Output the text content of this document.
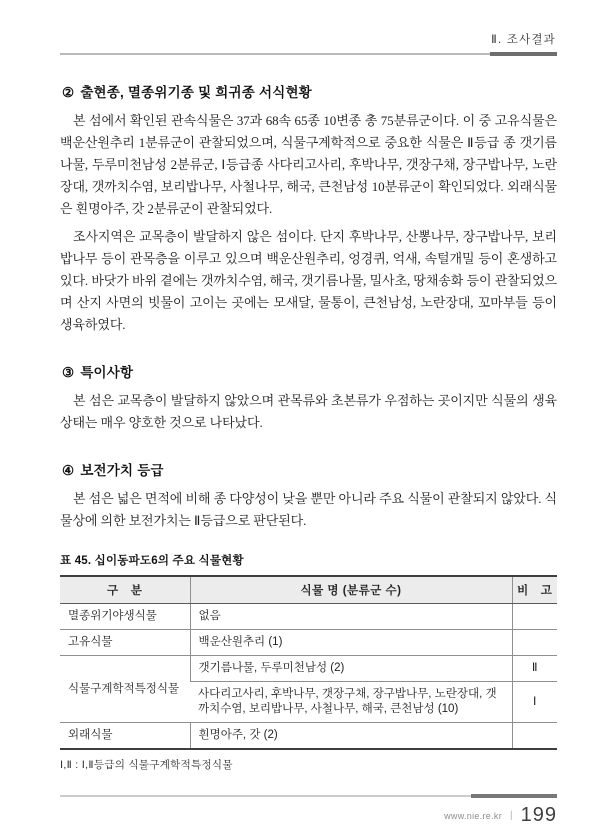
Ⅱ. 조사결과
② 출현종, 멸종위기종 및 희귀종 서식현황

본 섬에서 확인된 관속식물은 37과 68속 65종 10변종 총 75분류군이다. 이 중 고유식물은 백운산원추리 1분류군이 관찰되었으며, 식물구계학적으로 중요한 식물은 Ⅱ등급 종 갯기름나물, 두루미천남성 2분류군, Ⅰ등급종 사다리고사리, 후박나무, 갯장구채, 장구밥나무, 노란장대, 갯까치수염, 보리밥나무, 사철나무, 해국, 큰천남성 10분류군이 확인되었다. 외래식물은 흰명아주, 갓 2분류군이 관찰되었다.

조사지역은 교목층이 발달하지 않은 섬이다. 단지 후박나무, 산뽕나무, 장구밥나무, 보리밥나무 등이 관목층을 이루고 있으며 백운산원추리, 엉경퀴, 억새, 속털개밀 등이 혼생하고 있다. 바닷가 바위 곁에는 갯까치수염, 해국, 갯기름나물, 밀사초, 땅채송화 등이 관찰되었으며 산지 사면의 빗물이 고이는 곳에는 모새달, 물통이, 큰천남성, 노란장대, 꼬마부들 등이 생육하였다.

③ 특이사항

본 섬은 교목층이 발달하지 않았으며 관목류와 초본류가 우점하는 곳이지만 식물의 생육상태는 매우 양호한 것으로 나타났다.

④ 보전가치 등급

본 섬은 넓은 면적에 비해 종 다양성이 낮을 뿐만 아니라 주요 식물이 관찰되지 않았다. 식물상에 의한 보전가치는 Ⅱ등급으로 판단된다.

표 45. 십이동파도6의 주요 식물현황
구 분	식물 명 (분류군 수)	비 고
멸종위기야생식물	없음	
고유식물	백운산원추리 (1)	
식물구계학적특정식물	갯기름나물, 두루미천남성 (2)	Ⅱ
	사다리고사리, 후박나무, 갯장구채, 장구밥나무, 노란장대, 갯까치수염, 보리밥나무, 사철나무, 해국, 큰천남성 (10)	Ⅰ
외래식물	흰명아주, 갓 (2)	
Ⅰ,Ⅱ : Ⅰ,Ⅱ등급의 식물구계학적특정식물
www.nie.re.kr | 199
